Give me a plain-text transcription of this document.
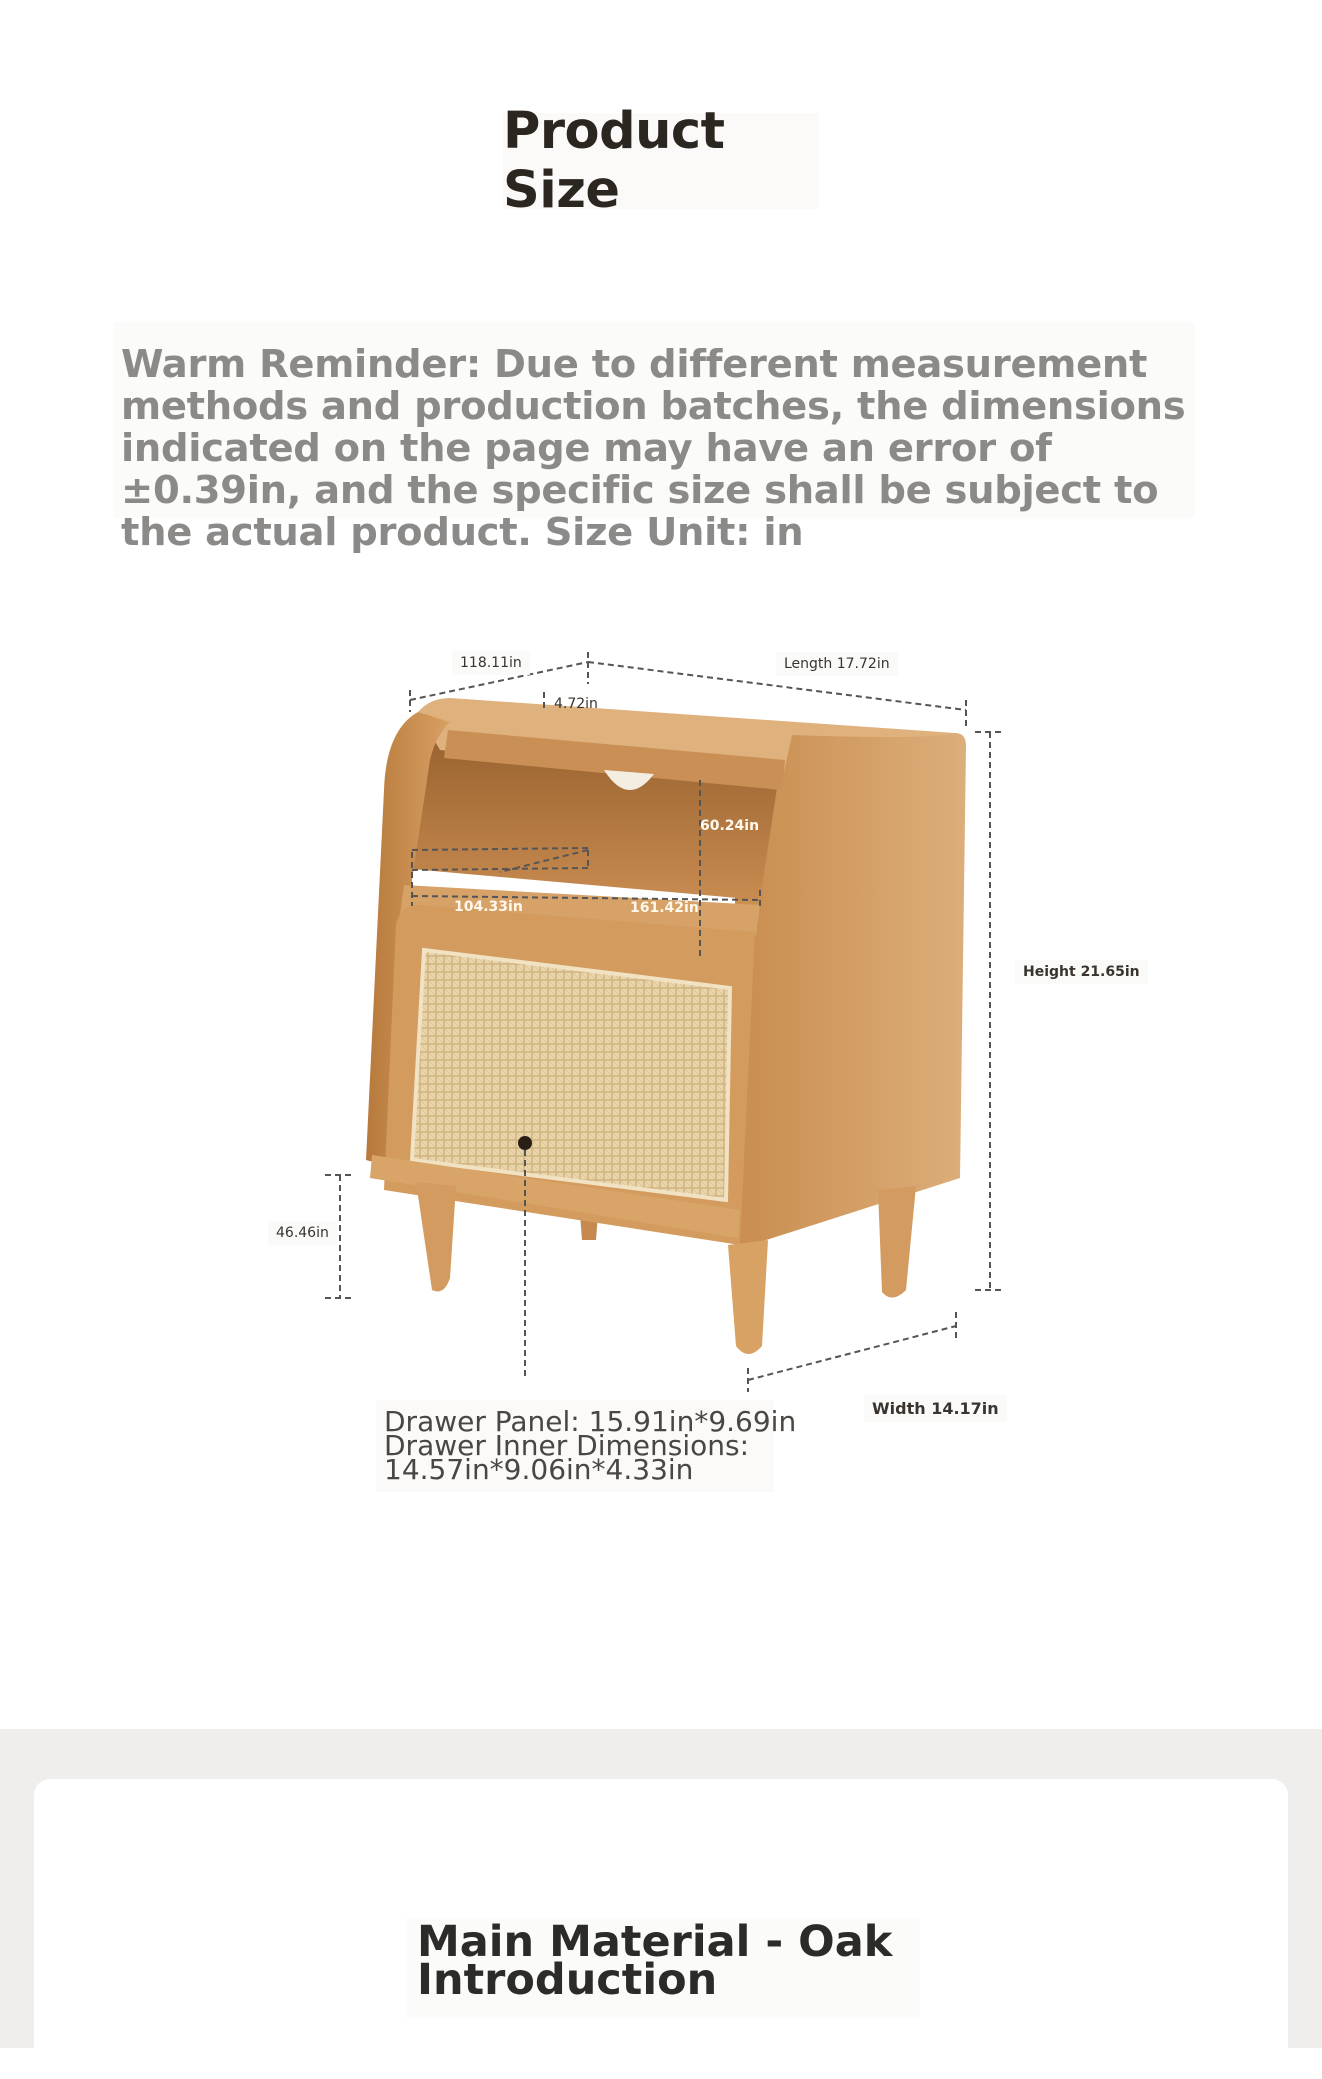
Product Size

Warm Reminder: Due to different measurement methods and production batches, the dimensions indicated on the page may have an error of ±0.39in, and the specific size shall be subject to the actual product. Size Unit: in

118.11in	Length 17.72in
4.72in
60.24in
104.33in	161.42in
Height 21.65in
46.46in
Width 14.17in
Drawer Panel: 15.91in*9.69in
Drawer Inner Dimensions:
14.57in*9.06in*4.33in
Main Material - Oak
Introduction
